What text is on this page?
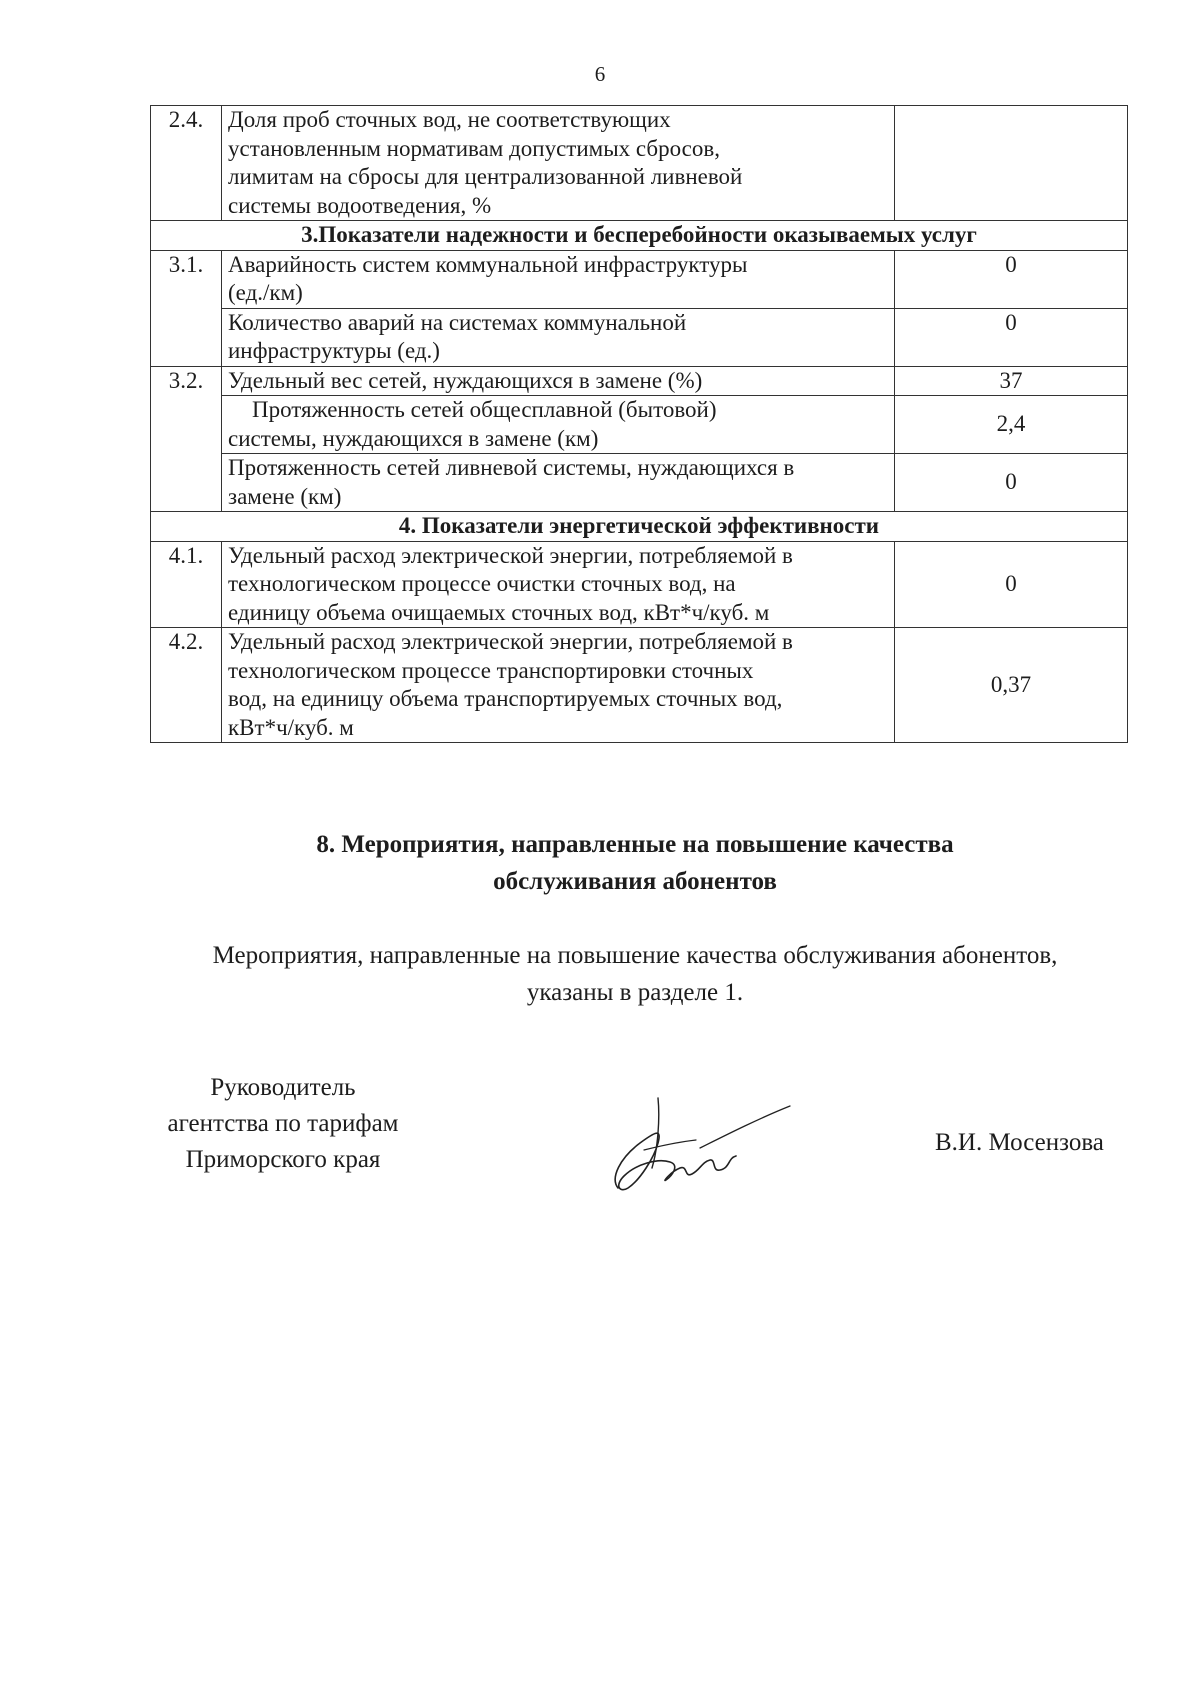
6
2.4.	Доля проб сточных вод, не соответствующих
установленным нормативам допустимых сбросов,
лимитам на сбросы для централизованной ливневой
системы водоотведения, %	

3.Показатели надежности и бесперебойности оказываемых услуг		
3.1.	Аварийность систем коммунальной инфраструктуры
(ед./км)	0

	Количество аварий на системах коммунальной
инфраструктуры (ед.)	0
3.2.	Удельный вес сетей, нуждающихся в замене (%)	37

	Протяженность сетей общесплавной (бытовой)
системы, нуждающихся в замене (км)	2,4

	Протяженность сетей ливневой системы, нуждающихся в
замене (км)	0
4. Показатели энергетической эффективности		
4.1.	Удельный расход электрической энергии, потребляемой в
технологическом процессе очистки сточных вод, на
единицу объема очищаемых сточных вод, кВт*ч/куб. м	0
4.2.	Удельный расход электрической энергии, потребляемой в
технологическом процессе транспортировки сточных
вод, на единицу объема транспортируемых сточных вод,
кВт*ч/куб. м	0,37
8. Мероприятия, направленные на повышение качества
обслуживания абонентов
Мероприятия, направленные на повышение качества обслуживания абонентов,
указаны в разделе 1.
Руководитель
агентства по тарифам
Приморского края
В.И. Мосензова
